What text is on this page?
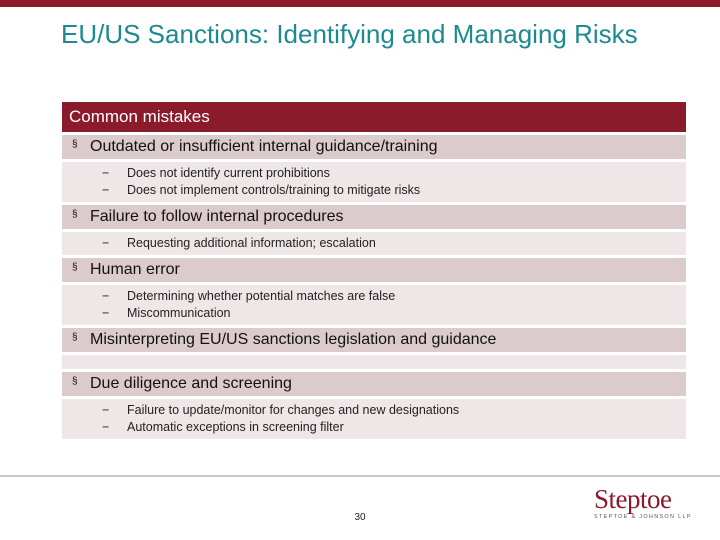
EU/US Sanctions: Identifying and Managing Risks
Common mistakes
§ Outdated or insufficient internal guidance/training
− Does not identify current prohibitions
− Does not implement controls/training to mitigate risks
§ Failure to follow internal procedures
− Requesting additional information; escalation
§ Human error
− Determining whether potential matches are false
− Miscommunication
§ Misinterpreting EU/US sanctions legislation and guidance
§ Due diligence and screening
− Failure to update/monitor for changes and new designations
− Automatic exceptions in screening filter
30
Steptoe
STEPTOE & JOHNSON LLP
